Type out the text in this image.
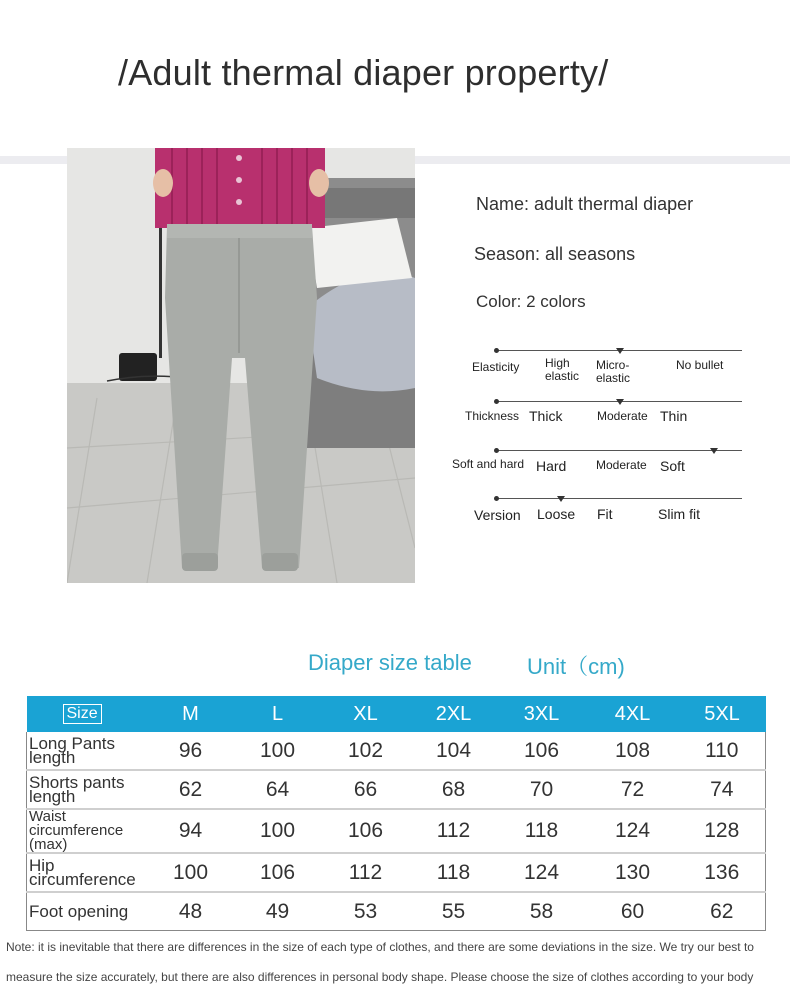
/Adult thermal diaper property/
Name: adult thermal diaper
Season: all seasons
Color: 2 colors
Elasticity High
elastic
Micro-
elastic
No bullet
Thickness Thick	Moderate Thin
Soft and hard Hard Moderate Soft
Version Loose Fit	Slim fit
Diaper size table	Unit（cm)
Size	M	L	XL	2XL	3XL	4XL	5XL

Long Pants
length	96	100	102	104	106	108	110

Shorts pants
length	62	64	66	68	70	72	74

Waist circumference
(max)	94	100	106	112	118	124	128

Hip
circumference	100	106	112	118	124	130	136

Foot opening	48	49	53	55	58	60	62
Note: it is inevitable that there are differences in the size of each type of clothes, and there are some deviations in the size. We try our best to
measure the size accurately, but there are also differences in personal body shape. Please choose the size of clothes according to your body
